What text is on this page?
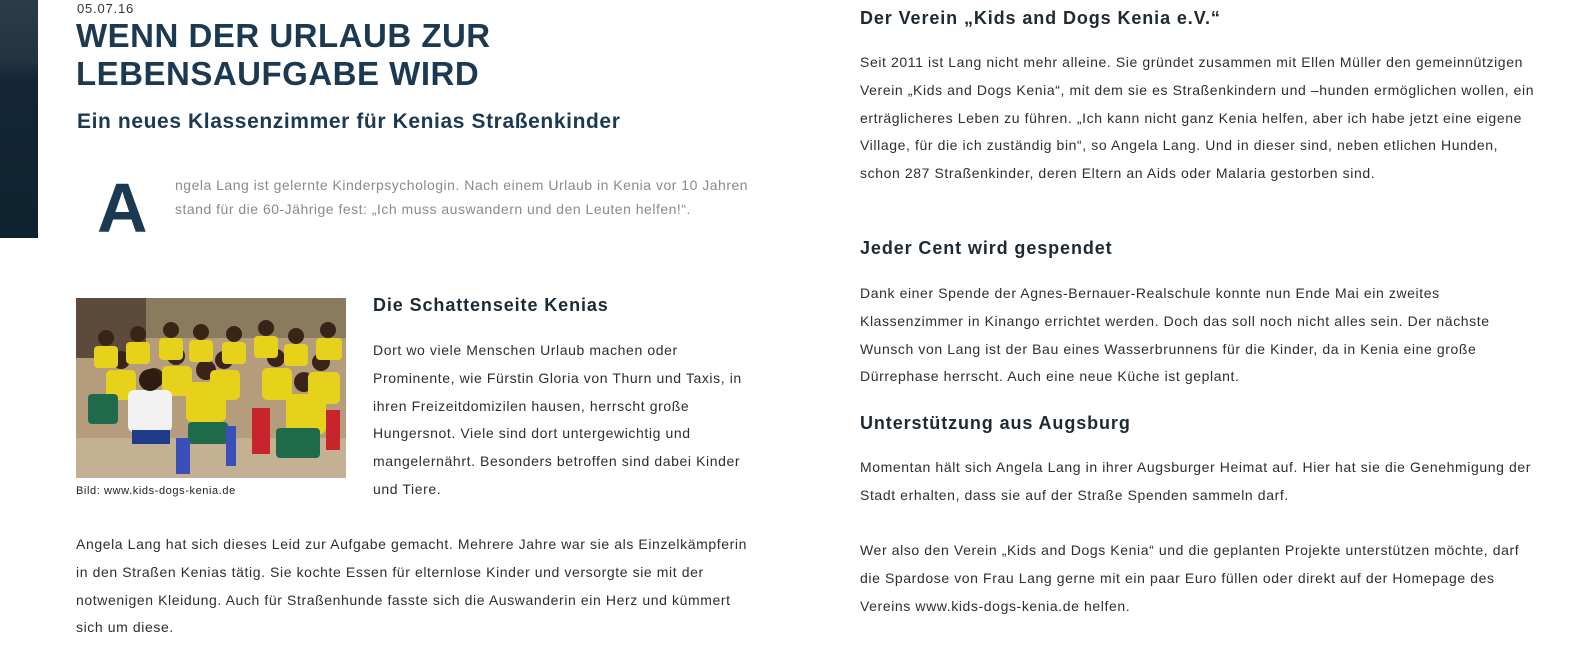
05.07.16
WENN DER URLAUB ZUR LEBENSAUFGABE WIRD
Ein neues Klassenzimmer für Kenias Straßenkinder
A ngela Lang ist gelernte Kinderpsychologin. Nach einem Urlaub in Kenia vor 10 Jahren stand für die 60-Jährige fest: „Ich muss auswandern und den Leuten helfen!“.

Bild: www.kids-dogs-kenia.de
Die Schattenseite Kenias

Dort wo viele Menschen Urlaub machen oder Prominente, wie Fürstin Gloria von Thurn und Taxis, in ihren Freizeitdomizilen hausen, herrscht große Hungersnot. Viele sind dort untergewichtig und mangelernährt. Besonders betroffen sind dabei Kinder und Tiere.

Angela Lang hat sich dieses Leid zur Aufgabe gemacht. Mehrere Jahre war sie als Einzelkämpferin in den Straßen Kenias tätig. Sie kochte Essen für elternlose Kinder und versorgte sie mit der notwenigen Kleidung. Auch für Straßenhunde fasste sich die Auswanderin ein Herz und kümmert sich um diese.

Der Verein „Kids and Dogs Kenia e.V.“

Seit 2011 ist Lang nicht mehr alleine. Sie gründet zusammen mit Ellen Müller den gemeinnützigen Verein „Kids and Dogs Kenia“, mit dem sie es Straßenkindern und –hunden ermöglichen wollen, ein erträglicheres Leben zu führen. „Ich kann nicht ganz Kenia helfen, aber ich habe jetzt eine eigene Village, für die ich zuständig bin“, so Angela Lang. Und in dieser sind, neben etlichen Hunden, schon 287 Straßenkinder, deren Eltern an Aids oder Malaria gestorben sind.

Jeder Cent wird gespendet

Dank einer Spende der Agnes-Bernauer-Realschule konnte nun Ende Mai ein zweites Klassenzimmer in Kinango errichtet werden. Doch das soll noch nicht alles sein. Der nächste Wunsch von Lang ist der Bau eines Wasserbrunnens für die Kinder, da in Kenia eine große Dürrephase herrscht. Auch eine neue Küche ist geplant.

Unterstützung aus Augsburg

Momentan hält sich Angela Lang in ihrer Augsburger Heimat auf. Hier hat sie die Genehmigung der Stadt erhalten, dass sie auf der Straße Spenden sammeln darf.

Wer also den Verein „Kids and Dogs Kenia“ und die geplanten Projekte unterstützen möchte, darf die Spardose von Frau Lang gerne mit ein paar Euro füllen oder direkt auf der Homepage des Vereins www.kids-dogs-kenia.de helfen.
